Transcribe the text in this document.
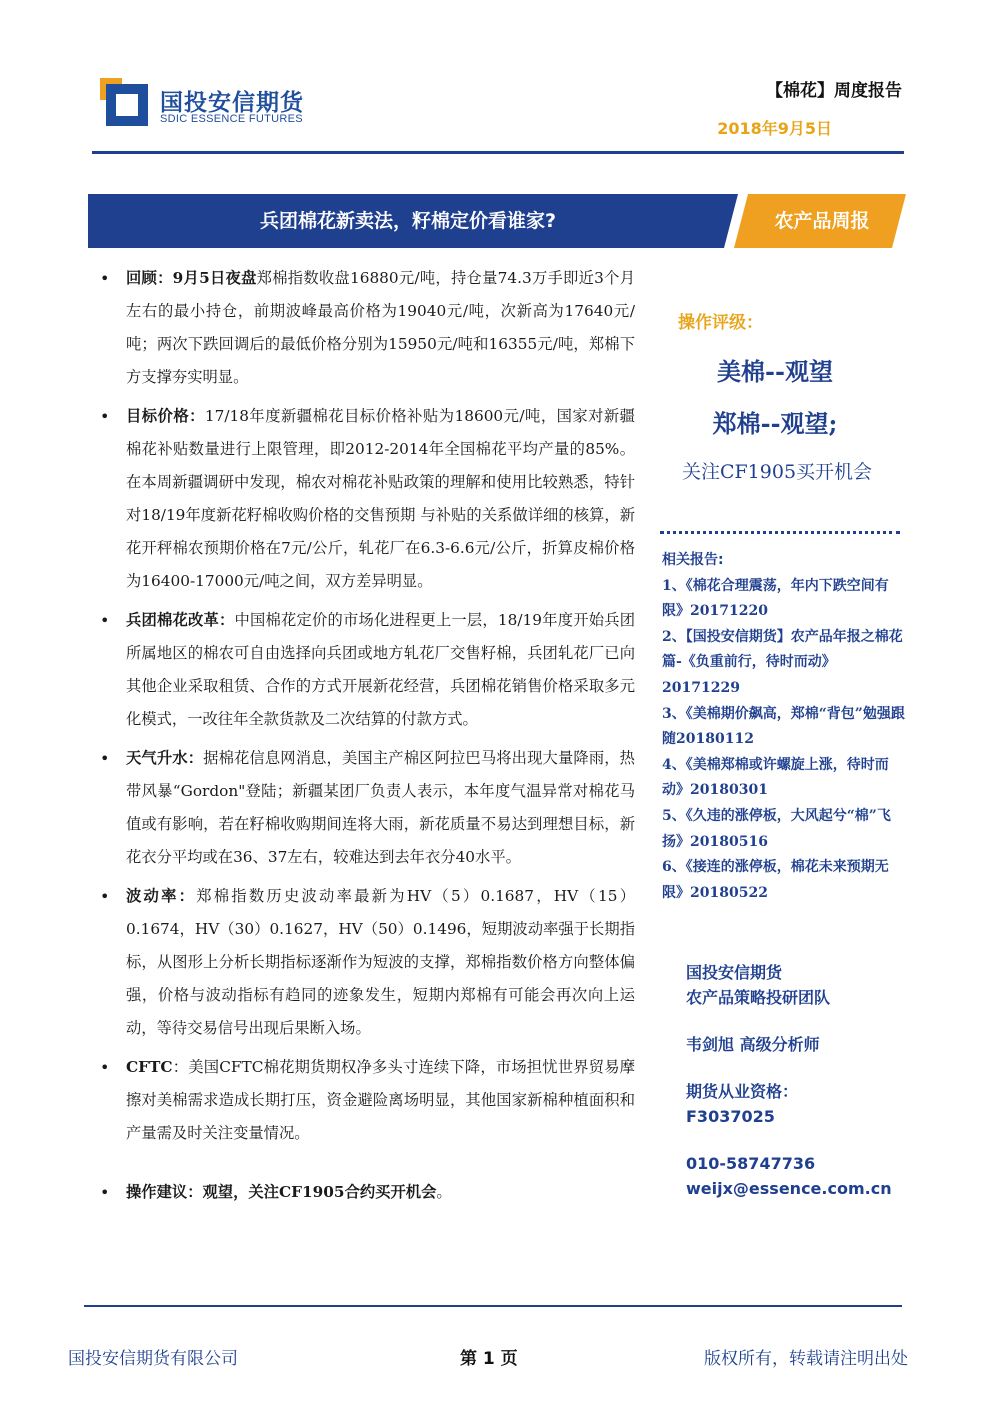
国投安信期货
SDIC ESSENCE FUTURES
【棉花】周度报告
2018年9月5日
兵团棉花新卖法，籽棉定价看谁家?	农产品周报

• 回顾：9月5日夜盘郑棉指数收盘16880元/吨，持仓量74.3万手即近3个月左右的最小持仓，前期波峰最高价格为19040元/吨，次新高为17640元/吨；两次下跌回调后的最低价格分别为15950元/吨和16355元/吨，郑棉下方支撑夯实明显。

• 目标价格：17/18年度新疆棉花目标价格补贴为18600元/吨，国家对新疆棉花补贴数量进行上限管理，即2012-2014年全国棉花平均产量的85%。在本周新疆调研中发现，棉农对棉花补贴政策的理解和使用比较熟悉，特针对18/19年度新花籽棉收购价格的交售预期 与补贴的关系做详细的核算，新花开秤棉农预期价格在7元/公斤，轧花厂在6.3-6.6元/公斤，折算皮棉价格为16400-17000元/吨之间，双方差异明显。

• 兵团棉花改革：中国棉花定价的市场化进程更上一层，18/19年度开始兵团所属地区的棉农可自由选择向兵团或地方轧花厂交售籽棉，兵团轧花厂已向其他企业采取租赁、合作的方式开展新花经营，兵团棉花销售价格采取多元化模式，一改往年全款货款及二次结算的付款方式。

• 天气升水：据棉花信息网消息，美国主产棉区阿拉巴马将出现大量降雨，热带风暴“Gordon"登陆；新疆某团厂负责人表示，本年度气温异常对棉花马值或有影响，若在籽棉收购期间连将大雨，新花质量不易达到理想目标，新花衣分平均或在36、37左右，较难达到去年衣分40水平。

• 波动率：郑棉指数历史波动率最新为HV（5）0.1687，HV（15）0.1674，HV（30）0.1627，HV（50）0.1496，短期波动率强于长期指标，从图形上分析长期指标逐渐作为短波的支撑，郑棉指数价格方向整体偏强，价格与波动指标有趋同的迹象发生，短期内郑棉有可能会再次向上运动，等待交易信号出现后果断入场。

• CFTC：美国CFTC棉花期货期权净多头寸连续下降，市场担忧世界贸易摩擦对美棉需求造成长期打压，资金避险离场明显，其他国家新棉种植面积和产量需及时关注变量情况。

• 操作建议：观望，关注CF1905合约买开机会。

操作评级：
美棉--观望
郑棉--观望;
关注CF1905买开机会
相关报告:
1、《棉花合理震荡，年内下跌空间有限》20171220
2、【国投安信期货】农产品年报之棉花篇-《负重前行，待时而动》20171229
3、《美棉期价飙高，郑棉“背包”勉强跟随20180112
4、《美棉郑棉或许螺旋上涨，待时而动》20180301
5、《久违的涨停板，大风起兮“棉”飞扬》20180516
6、《接连的涨停板，棉花未来预期无限》20180522
国投安信期货
农产品策略投研团队
韦剑旭 高级分析师
期货从业资格：
F3037025
010-58747736
weijx@essence.com.cn
国投安信期货有限公司	第 1 页	版权所有，转载请注明出处
